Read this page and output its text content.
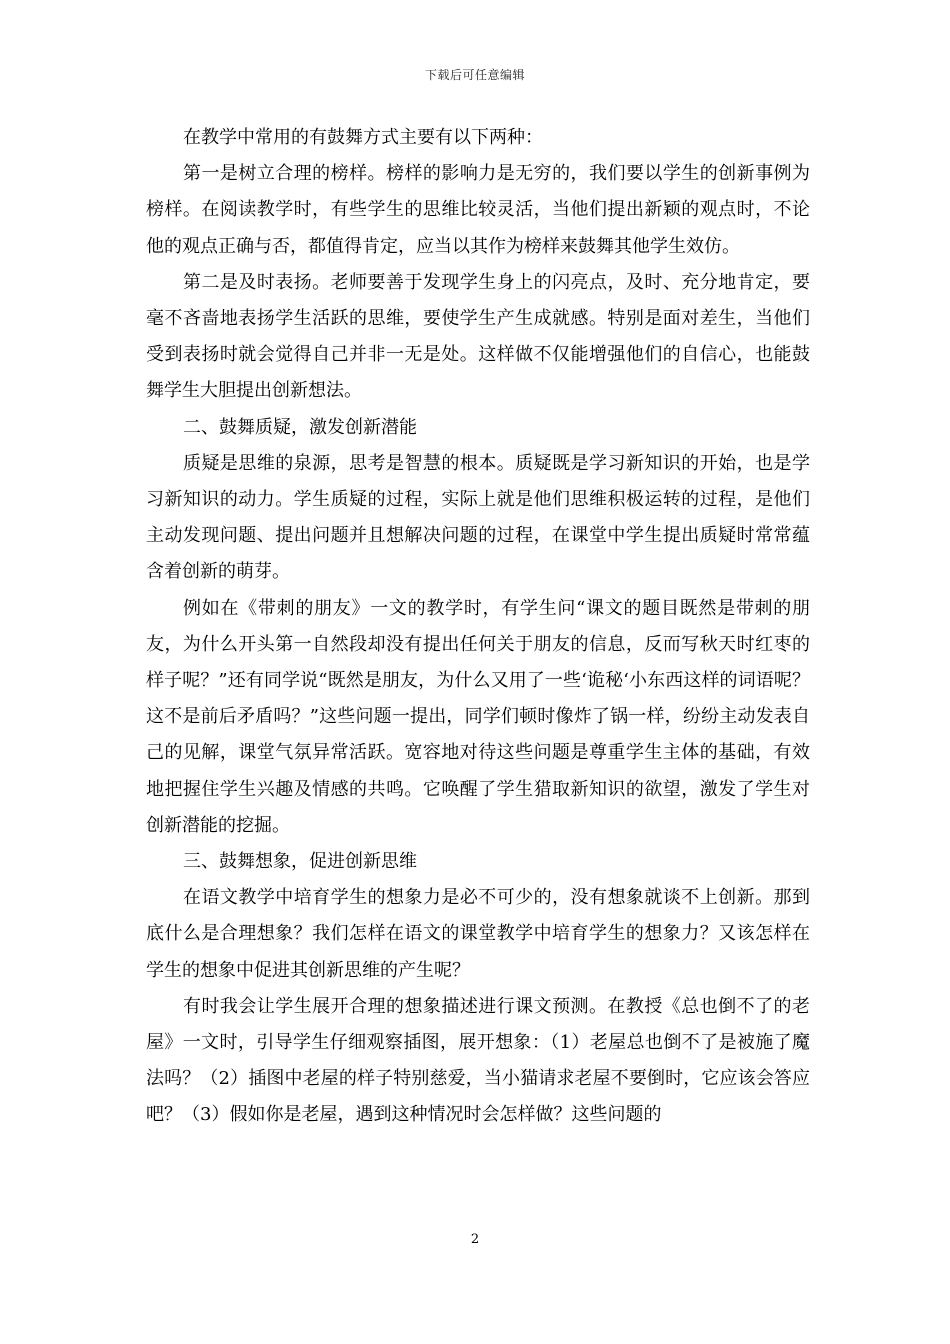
下载后可任意编辑

在教学中常用的有鼓舞方式主要有以下两种：

第一是树立合理的榜样。榜样的影响力是无穷的，我们要以学生的创新事例为榜样。在阅读教学时，有些学生的思维比较灵活，当他们提出新颖的观点时，不论他的观点正确与否，都值得肯定，应当以其作为榜样来鼓舞其他学生效仿。

第二是及时表扬。老师要善于发现学生身上的闪亮点，及时、充分地肯定，要毫不吝啬地表扬学生活跃的思维，要使学生产生成就感。特别是面对差生，当他们受到表扬时就会觉得自己并非一无是处。这样做不仅能增强他们的自信心，也能鼓舞学生大胆提出创新想法。

二、鼓舞质疑，激发创新潜能

质疑是思维的泉源，思考是智慧的根本。质疑既是学习新知识的开始，也是学习新知识的动力。学生质疑的过程，实际上就是他们思维积极运转的过程，是他们主动发现问题、提出问题并且想解决问题的过程，在课堂中学生提出质疑时常常蕴含着创新的萌芽。

例如在《带刺的朋友》一文的教学时，有学生问“课文的题目既然是带刺的朋友，为什么开头第一自然段却没有提出任何关于朋友的信息，反而写秋天时红枣的样子呢？”还有同学说“既然是朋友，为什么又用了一些‘诡秘‘小东西这样的词语呢？这不是前后矛盾吗？”这些问题一提出，同学们顿时像炸了锅一样，纷纷主动发表自己的见解，课堂气氛异常活跃。宽容地对待这些问题是尊重学生主体的基础，有效地把握住学生兴趣及情感的共鸣。它唤醒了学生猎取新知识的欲望，激发了学生对创新潜能的挖掘。

三、鼓舞想象，促进创新思维

在语文教学中培育学生的想象力是必不可少的，没有想象就谈不上创新。那到底什么是合理想象？我们怎样在语文的课堂教学中培育学生的想象力？又该怎样在学生的想象中促进其创新思维的产生呢？

有时我会让学生展开合理的想象描述进行课文预测。在教授《总也倒不了的老屋》一文时，引导学生仔细观察插图，展开想象：（1）老屋总也倒不了是被施了魔法吗？（2）插图中老屋的样子特别慈爱，当小猫请求老屋不要倒时，它应该会答应吧？（3）假如你是老屋，遇到这种情况时会怎样做？这些问题的

2
